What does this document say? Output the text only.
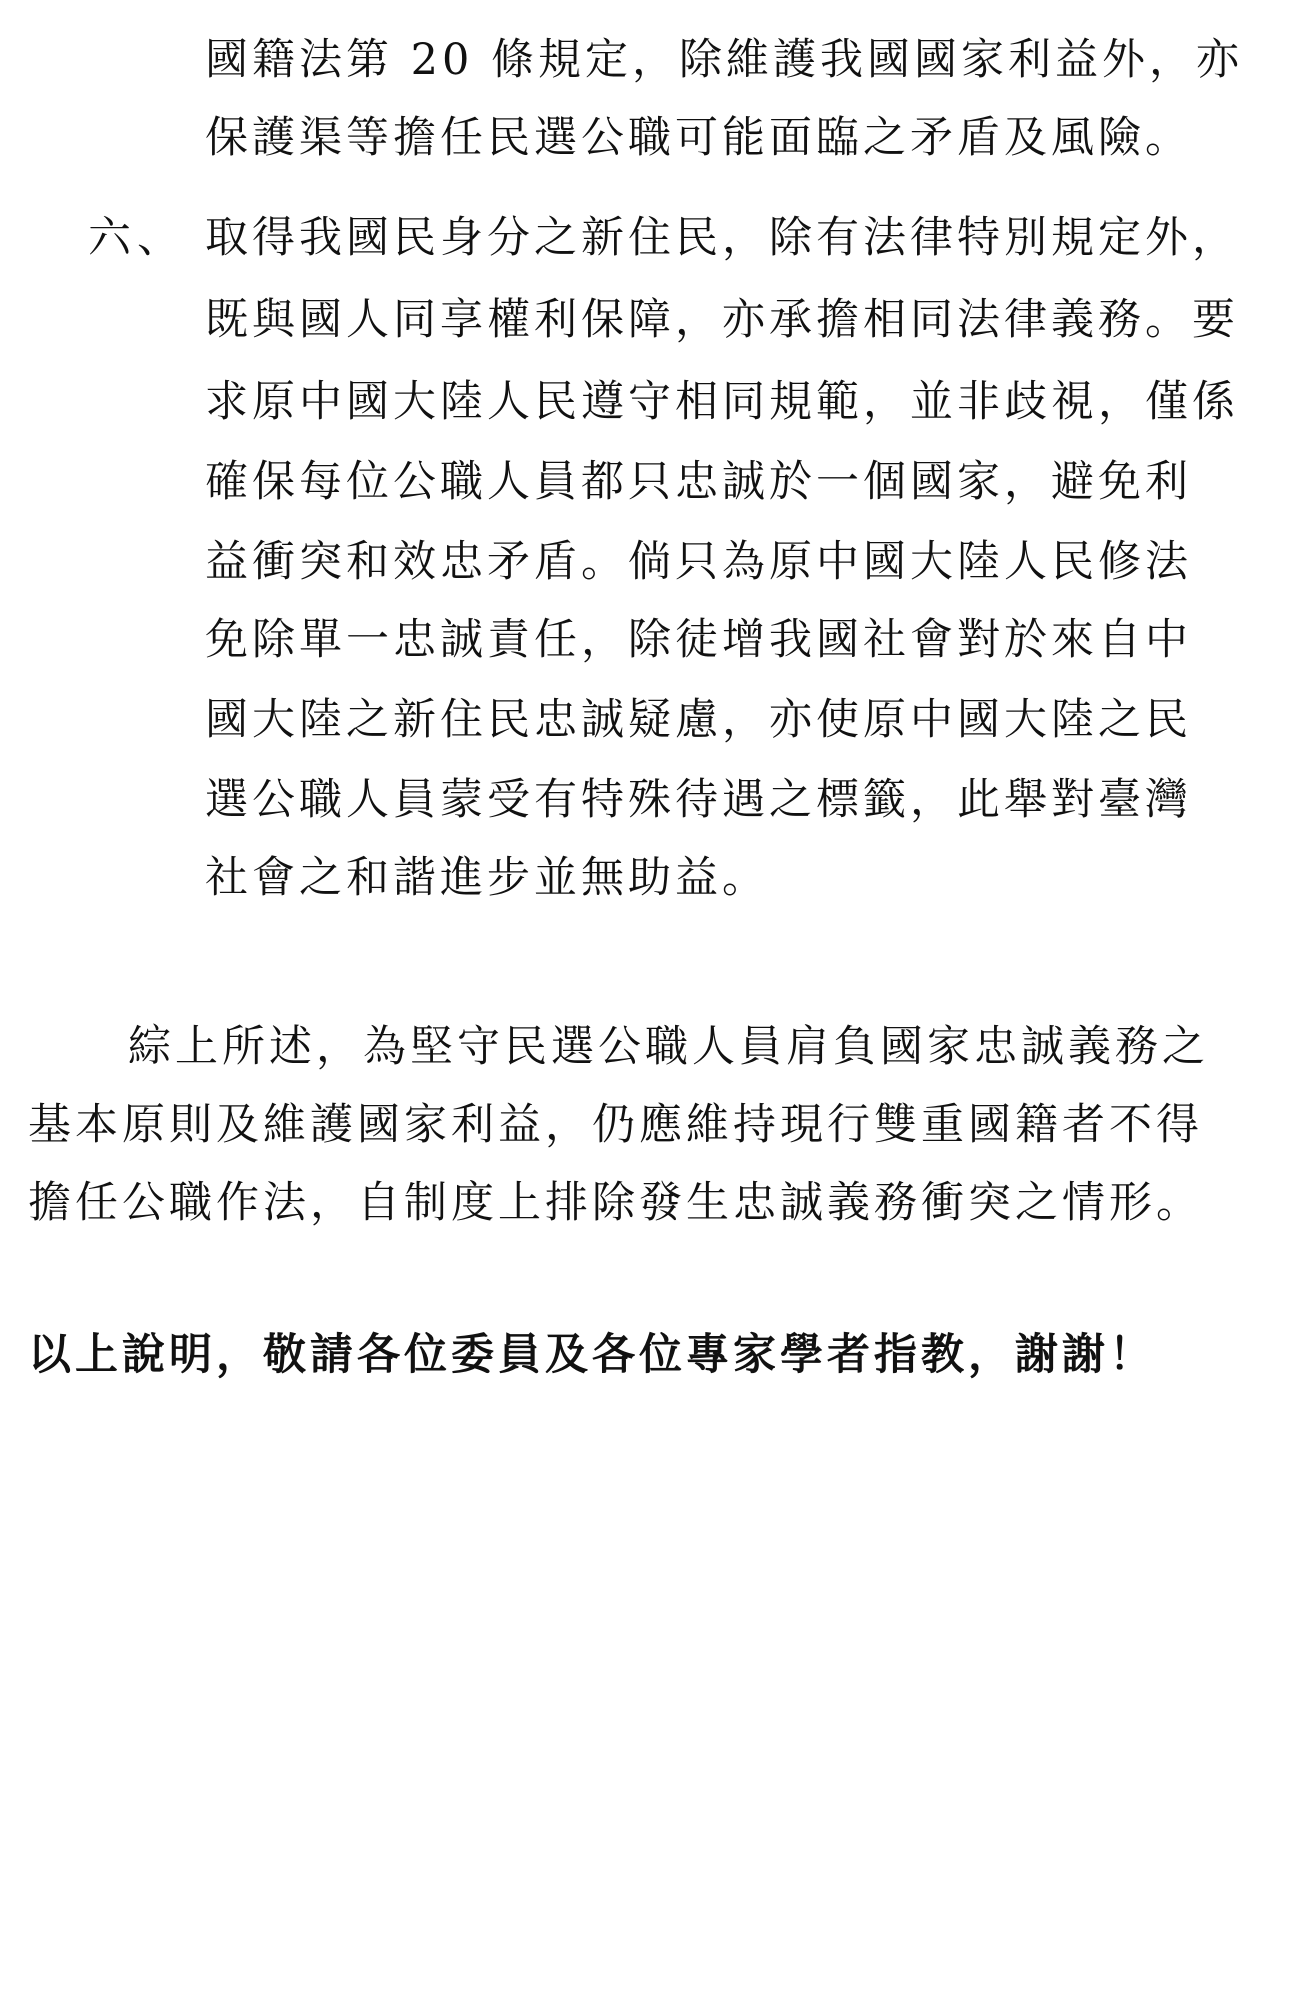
國籍法第 20 條規定，除維護我國國家利益外，亦
保護渠等擔任民選公職可能面臨之矛盾及風險。
六、 取得我國民身分之新住民，除有法律特別規定外，
既與國人同享權利保障，亦承擔相同法律義務。要
求原中國大陸人民遵守相同規範，並非歧視，僅係
確保每位公職人員都只忠誠於一個國家，避免利
益衝突和效忠矛盾。倘只為原中國大陸人民修法
免除單一忠誠責任，除徒增我國社會對於來自中
國大陸之新住民忠誠疑慮，亦使原中國大陸之民
選公職人員蒙受有特殊待遇之標籤，此舉對臺灣
社會之和諧進步並無助益。
綜上所述，為堅守民選公職人員肩負國家忠誠義務之
基本原則及維護國家利益，仍應維持現行雙重國籍者不得
擔任公職作法，自制度上排除發生忠誠義務衝突之情形。
以上說明，敬請各位委員及各位專家學者指教，謝謝！
